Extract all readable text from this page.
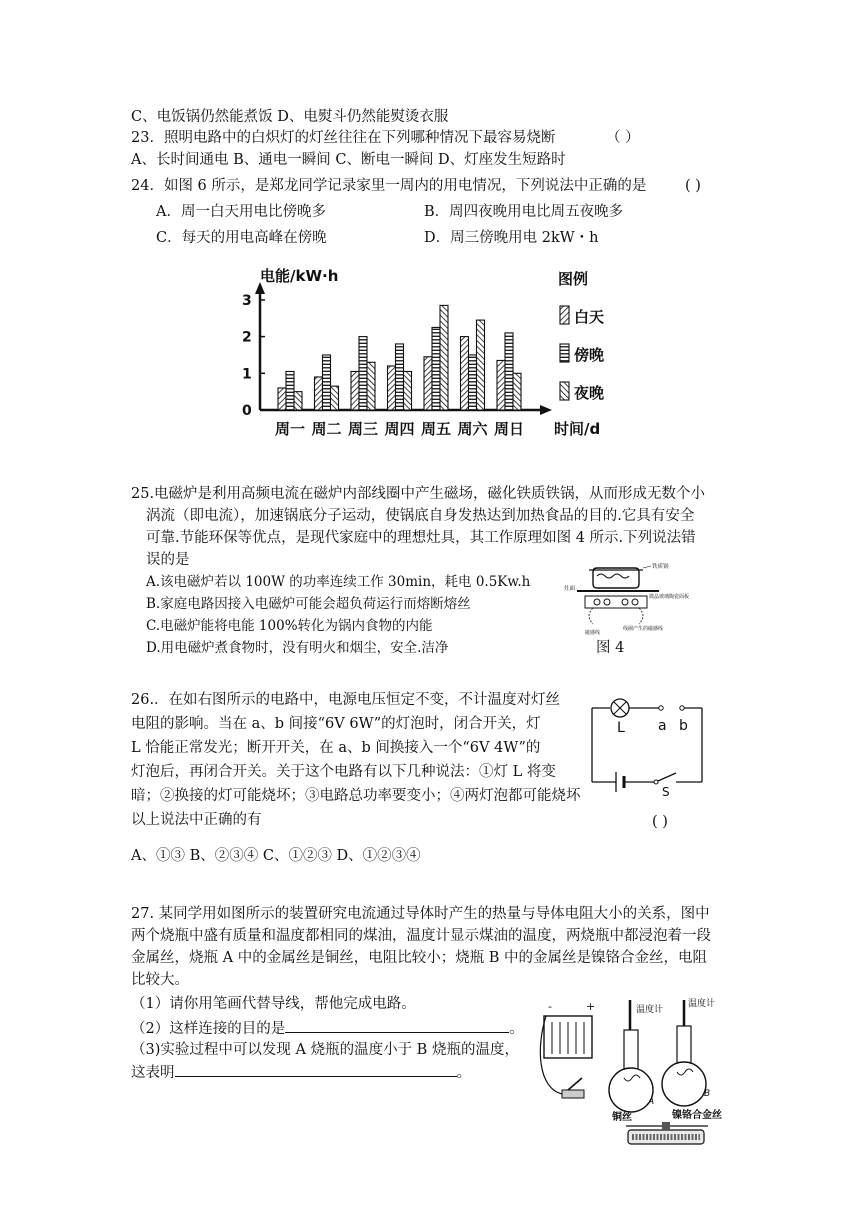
C、电饭锅仍然能煮饭 D、电熨斗仍然能熨烫衣服
23．照明电路中的白炽灯的灯丝往往在下列哪种情况下最容易烧断	（ ）
A、长时间通电 B、通电一瞬间 C、断电一瞬间 D、灯座发生短路时
24．如图 6 所示，是郑龙同学记录家里一周内的用电情况，下列说法中正确的是	( )
A．周一白天用电比傍晚多	B．周四夜晚用电比周五夜晚多
C．每天的用电高峰在傍晚	D．周三傍晚用电 2kW・h
电能/kW·h
0
1
2
3
周一 周二 周三 周四 周五 周六 周日 时间/d
图例
白天
傍晚
夜晚
25.电磁炉是利用高频电流在磁炉内部线圈中产生磁场，磁化铁质铁锅，从而形成无数个小
涡流（即电流），加速锅底分子运动，使锅底自身发热达到加热食品的目的.它具有安全
可靠.节能环保等优点，是现代家庭中的理想灶具，其工作原理如图 4 所示.下列说法错
误的是
A.该电磁炉若以 100W 的功率连续工作 30min，耗电 0.5Kw.h
B.家庭电路因接入电磁炉可能会超负荷运行而熔断熔丝
C.电磁炉能将电能 100%转化为锅内食物的内能
D.用电磁炉煮食物时，没有明火和烟尘，安全.洁净	图 4
铁质锅
灶面
微晶玻璃陶瓷面板
磁感线
线圈产生的磁感线
26.．在如右图所示的电路中，电源电压恒定不变，不计温度对灯丝
电阻的影响。当在 a、b 间接“6V 6W”的灯泡时，闭合开关，灯
L 恰能正常发光；断开开关，在 a、b 间换接入一个“6V 4W”的
灯泡后，再闭合开关。关于这个电路有以下几种说法：①灯 L 将变
暗；②换接的灯可能烧坏；③电路总功率要变小；④两灯泡都可能烧坏
以上说法中正确的有	( )
A、①③ B、②③④ C、①②③ D、①②③④
L a b
S
27. 某同学用如图所示的装置研究电流通过导体时产生的热量与导体电阻大小的关系，图中
两个烧瓶中盛有质量和温度都相同的煤油，温度计显示煤油的温度，两烧瓶中都浸泡着一段
金属丝，烧瓶 A 中的金属丝是铜丝，电阻比较小；烧瓶 B 中的金属丝是镍铬合金丝，电阻
比较大。
（1）请你用笔画代替导线，帮他完成电路。
（2）这样连接的目的是	。
（3)实验过程中可以发现 A 烧瓶的温度小于 B 烧瓶的温度，
这表明	。
-	+	温度计
温度计
A
B
铜丝	镍铬合金丝
